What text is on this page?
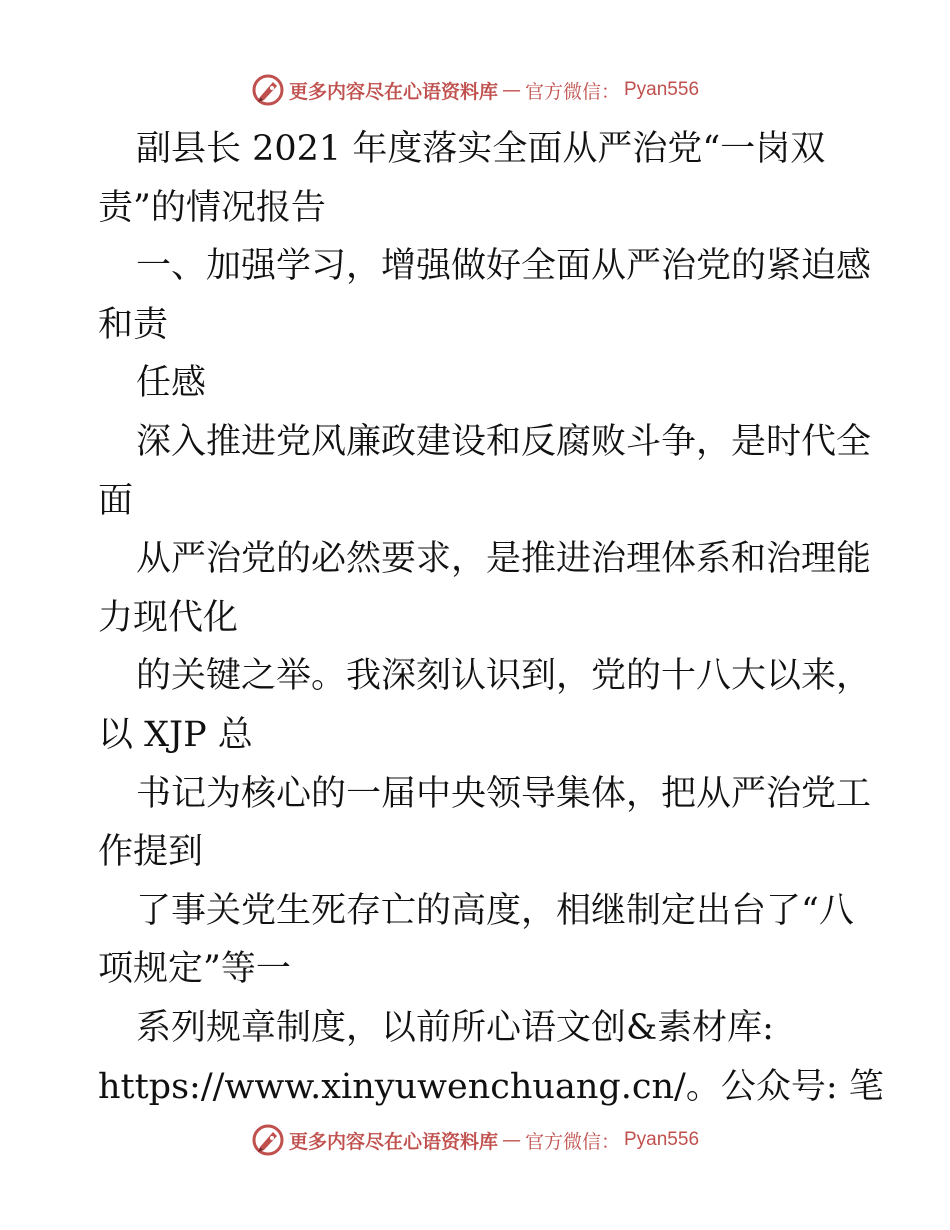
更多内容尽在心语资料库 — 官方微信： Pyan556
副县长 2021 年度落实全面从严治党“一岗双
责”的情况报告
一、加强学习，增强做好全面从严治党的紧迫感
和责
任感
深入推进党风廉政建设和反腐败斗争，是时代全
面
从严治党的必然要求，是推进治理体系和治理能
力现代化
的关键之举。我深刻认识到，党的十八大以来，
以 XJP 总
书记为核心的一届中央领导集体，把从严治党工
作提到
了事关党生死存亡的高度，相继制定出台了“八
项规定”等一
系列规章制度，以前所心语文创&素材库:
https://www.xinyuwenchuang.cn/。公众号: 笔
更多内容尽在心语资料库 — 官方微信： Pyan556
